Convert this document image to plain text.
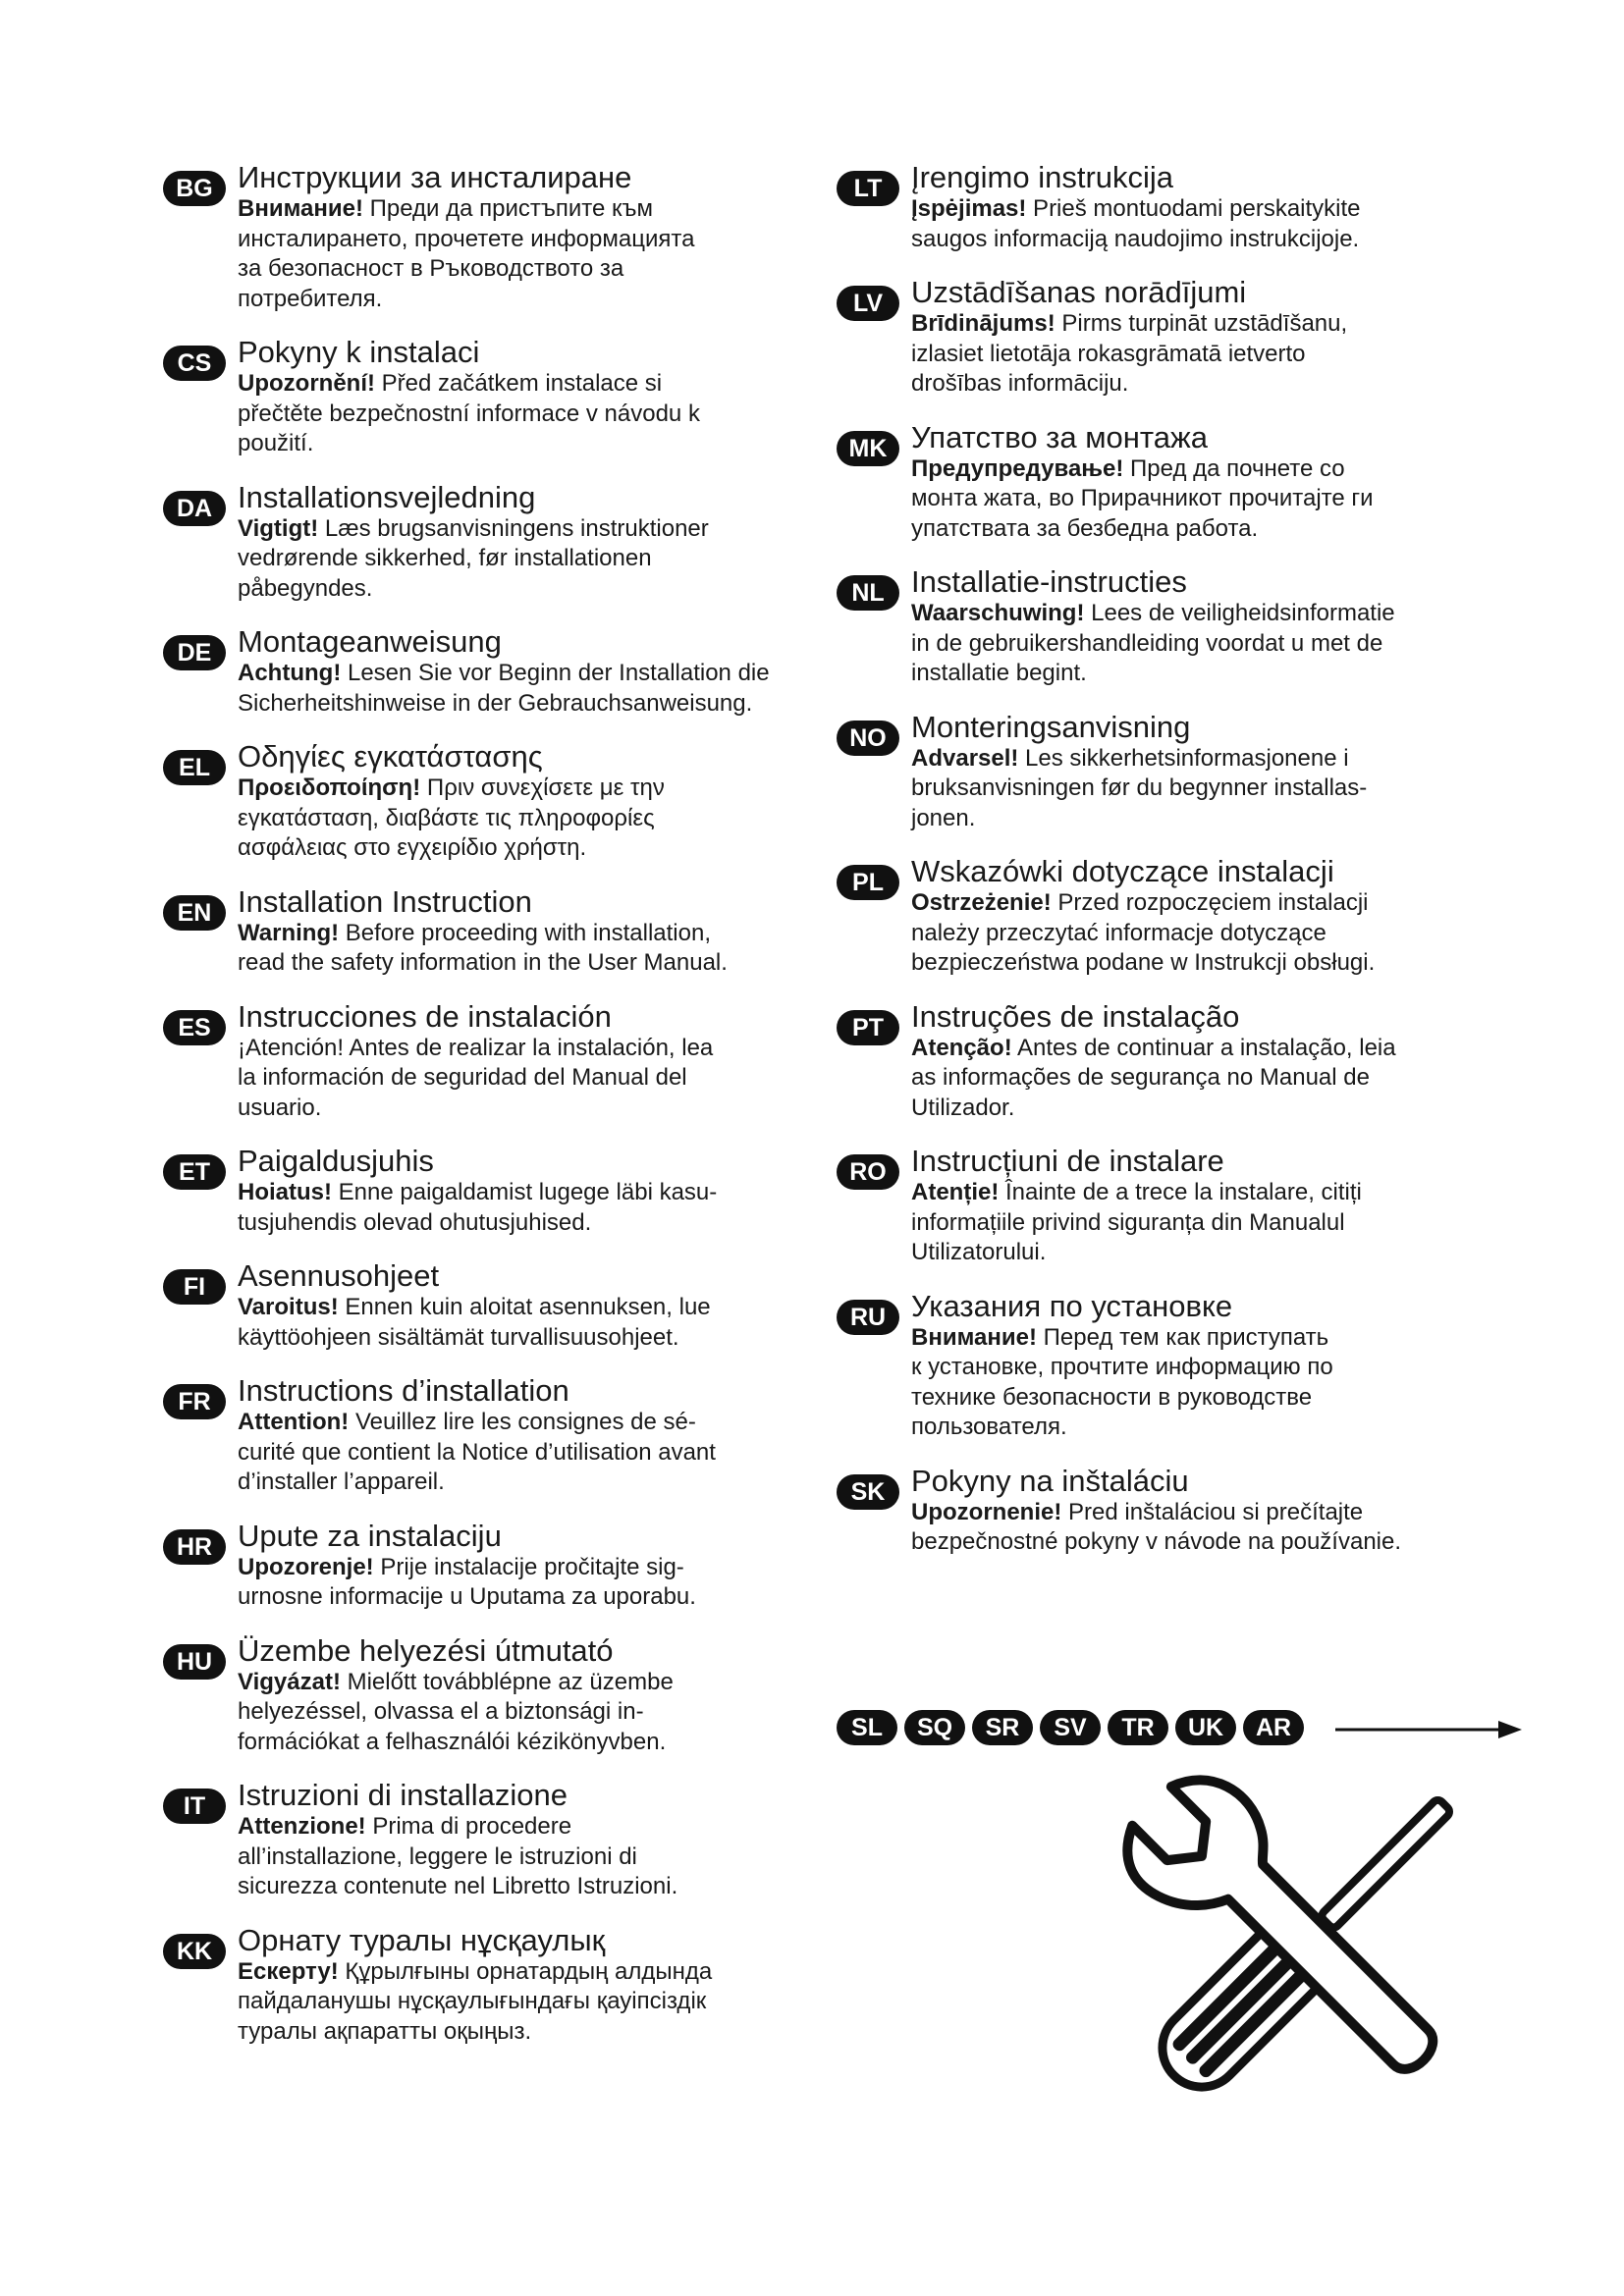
BG Инструкции за инсталиране

Внимание! Преди да пристъпите към

инсталирането, прочетете информацията

за безопасност в Ръководството за

потребителя.

CS Pokyny k instalaci

Upozornění! Před začátkem instalace si

přečtěte bezpečnostní informace v návodu k

použití.

DA Installationsvejledning

Vigtigt! Læs brugsanvisningens instruktioner

vedrørende sikkerhed, før installationen

påbegyndes.

DE Montageanweisung

Achtung! Lesen Sie vor Beginn der Installation die

Sicherheitshinweise in der Gebrauchsanweisung.

EL Οδηγίες εγκατάστασης

Προειδοποίηση! Πριν συνεχίσετε με την

εγκατάσταση, διαβάστε τις πληροφορίες

ασφάλειας στο εγχειρίδιο χρήστη.

EN Installation Instruction

Warning! Before proceeding with installation,

read the safety information in the User Manual.

ES Instrucciones de instalación

¡Atención! Antes de realizar la instalación, lea

la información de seguridad del Manual del

usuario.

ET Paigaldusjuhis

Hoiatus! Enne paigaldamist lugege läbi kasu-

tusjuhendis olevad ohutusjuhised.

FI	Asennusohjeet

Varoitus! Ennen kuin aloitat asennuksen, lue

käyttöohjeen sisältämät turvallisuusohjeet.

FR Instructions d’installation

Attention! Veuillez lire les consignes de sé-

curité que contient la Notice d’utilisation avant

d’installer l’appareil.

HR Upute za instalaciju

Upozorenje! Prije instalacije pročitajte sig-

urnosne informacije u Uputama za uporabu.

HU Üzembe helyezési útmutató

Vigyázat! Mielőtt továbblépne az üzembe

helyezéssel, olvassa el a biztonsági in-

formációkat a felhasználói kézikönyvben.

IT	Istruzioni di installazione

Attenzione! Prima di procedere

all’installazione, leggere le istruzioni di

sicurezza contenute nel Libretto Istruzioni.

KK Орнату туралы нұсқаулық

Ескерту! Құрылғыны орнатардың алдында

пайдаланушы нұсқаулығындағы қауіпсіздік

туралы ақпаратты оқыңыз.

LT Įrengimo instrukcija

Įspėjimas! Prieš montuodami perskaitykite

saugos informaciją naudojimo instrukcijoje.

LV Uzstādīšanas norādījumi

Brīdinājums! Pirms turpināt uzstādīšanu,

izlasiet lietotāja rokasgrāmatā ietverto

drošības informāciju.

MK Упатство за монтажа

Предупредување! Пред да почнете со

монта жата, во Прирачникот прочитајте ги

упатствата за безбедна работа.

NL Installatie-instructies

Waarschuwing! Lees de veiligheidsinformatie

in de gebruikershandleiding voordat u met de

installatie begint.

NO Monteringsanvisning

Advarsel! Les sikkerhetsinformasjonene i

bruksanvisningen før du begynner installas-

jonen.

PL Wskazówki dotyczące instalacji

Ostrzeżenie! Przed rozpoczęciem instalacji

należy przeczytać informacje dotyczące

bezpieczeństwa podane w Instrukcji obsługi.

PT Instruções de instalação

Atenção! Antes de continuar a instalação, leia

as informações de segurança no Manual de

Utilizador.

RO Instrucțiuni de instalare

Atenție! Înainte de a trece la instalare, citiți

informațiile privind siguranța din Manualul

Utilizatorului.

RU Указания по установке

Внимание! Перед тем как приступать

к установке, прочтите информацию по

технике безопасности в руководстве

пользователя.

SK Pokyny na inštaláciu

Upozornenie! Pred inštaláciou si prečítajte

bezpečnostné pokyny v návode na používanie.

SL	SQ	SR	SV	TR	UK	AR
